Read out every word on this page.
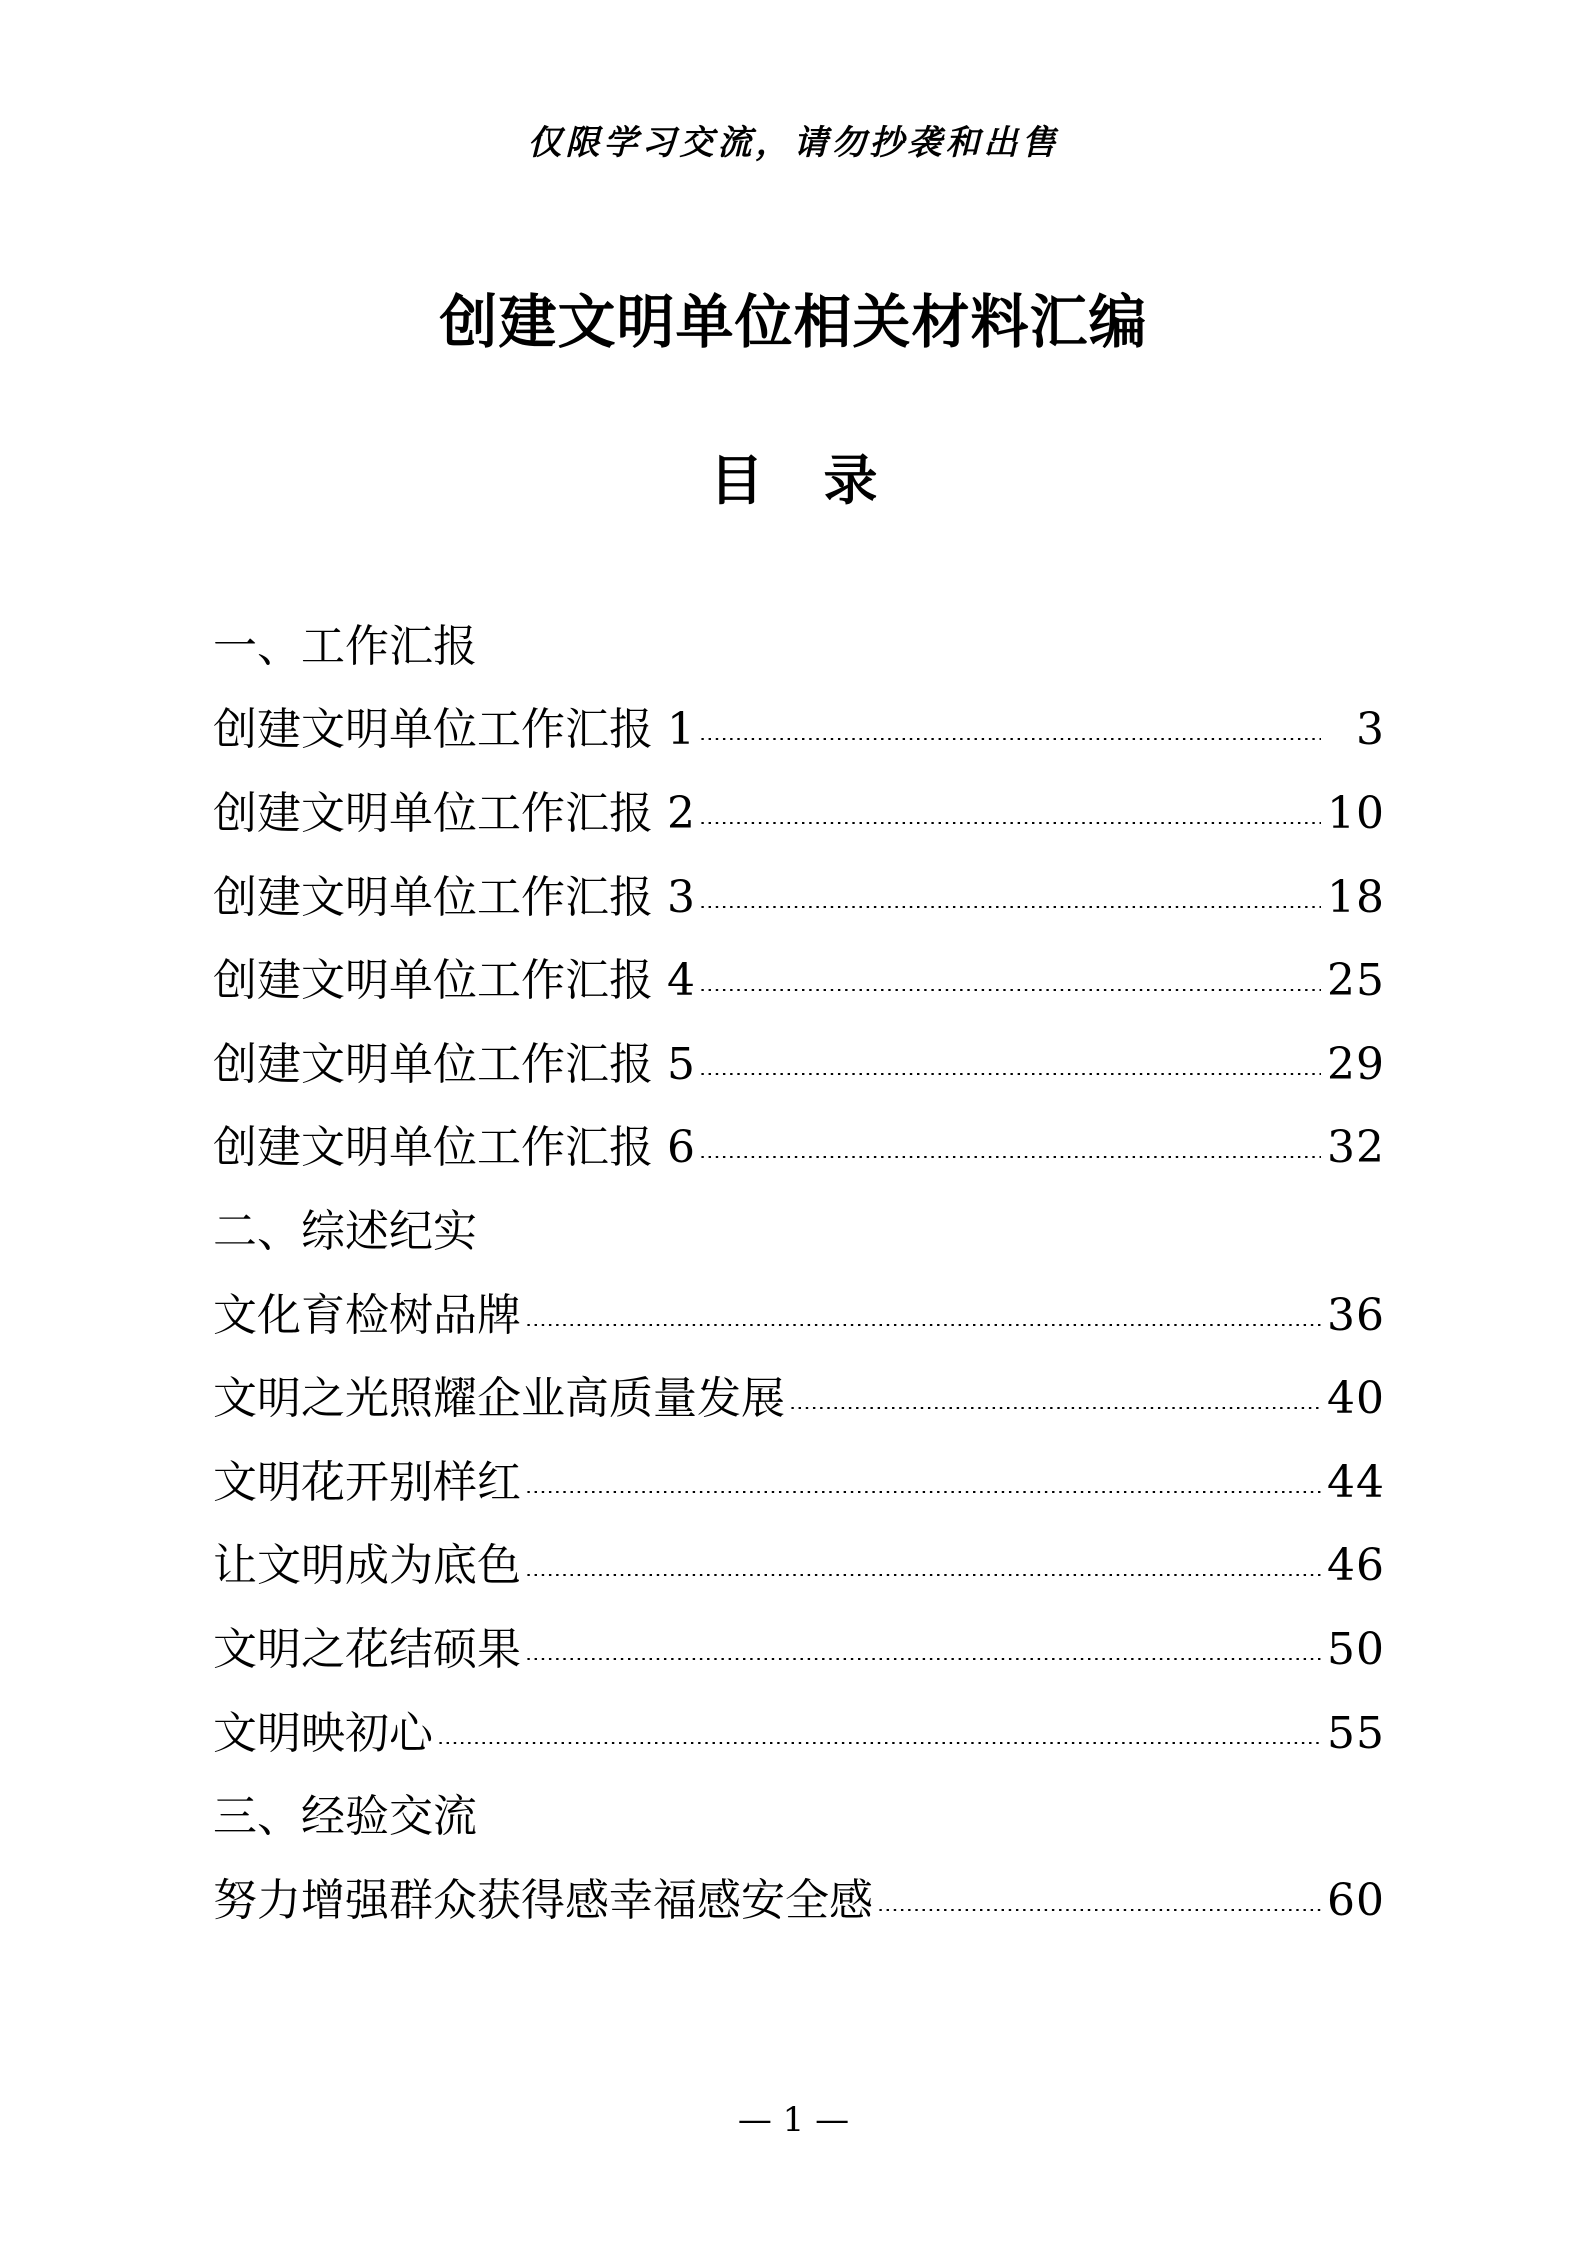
仅限学习交流，请勿抄袭和出售
创建文明单位相关材料汇编
目 录
一、工作汇报
创建文明单位工作汇报 1	3
创建文明单位工作汇报 2	10
创建文明单位工作汇报 3	18
创建文明单位工作汇报 4	25
创建文明单位工作汇报 5	29
创建文明单位工作汇报 6	32
二、综述纪实
文化育检树品牌	36
文明之光照耀企业高质量发展	40
文明花开别样红	44
让文明成为底色	46
文明之花结硕果	50
文明映初心	55
三、经验交流
努力增强群众获得感幸福感安全感	60
— 1 —
